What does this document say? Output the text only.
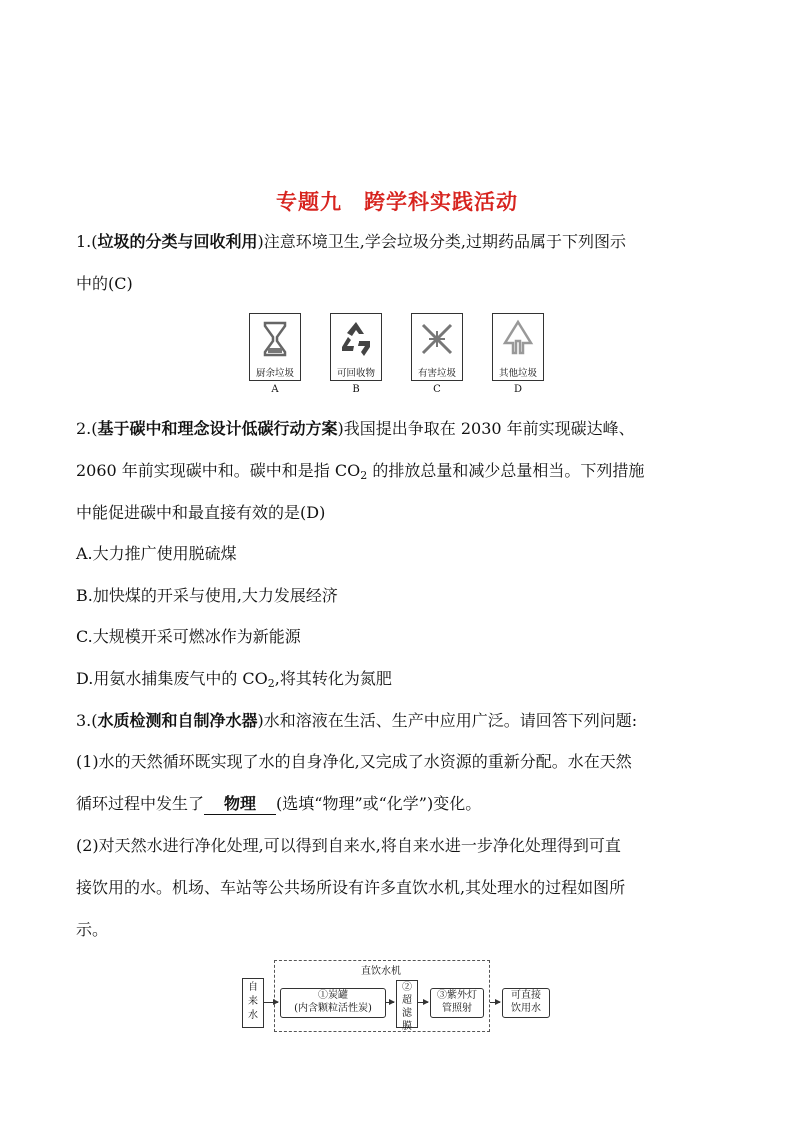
专题九　跨学科实践活动
1.(垃圾的分类与回收利用)注意环境卫生,学会垃圾分类,过期药品属于下列图示
中的(C)
厨余垃圾
A
可回收物
B
有害垃圾
C
其他垃圾
D
2.(基于碳中和理念设计低碳行动方案)我国提出争取在 2030 年前实现碳达峰、
2060 年前实现碳中和。碳中和是指 $CO_2$ 的排放总量和减少总量相当。下列措施
中能促进碳中和最直接有效的是(D)
A.大力推广使用脱硫煤
B.加快煤的开采与使用,大力发展经济
C.大规模开采可燃冰作为新能源
D.用氨水捕集废气中的 $CO_2$,将其转化为氮肥
3.(水质检测和自制净水器)水和溶液在生活、生产中应用广泛。请回答下列问题:
(1)水的天然循环既实现了水的自身净化,又完成了水资源的重新分配。水在天然
循环过程中发生了 物理 (选填“物理”或“化学”)变化。
(2)对天然水进行净化处理,可以得到自来水,将自来水进一步净化处理得到可直
接饮用的水。机场、车站等公共场所设有许多直饮水机,其处理水的过程如图所
示。
直饮水机
自来水
①炭罐
(内含颗粒活性炭)
②超滤膜
③紫外灯
管照射
可直接
饮用水
